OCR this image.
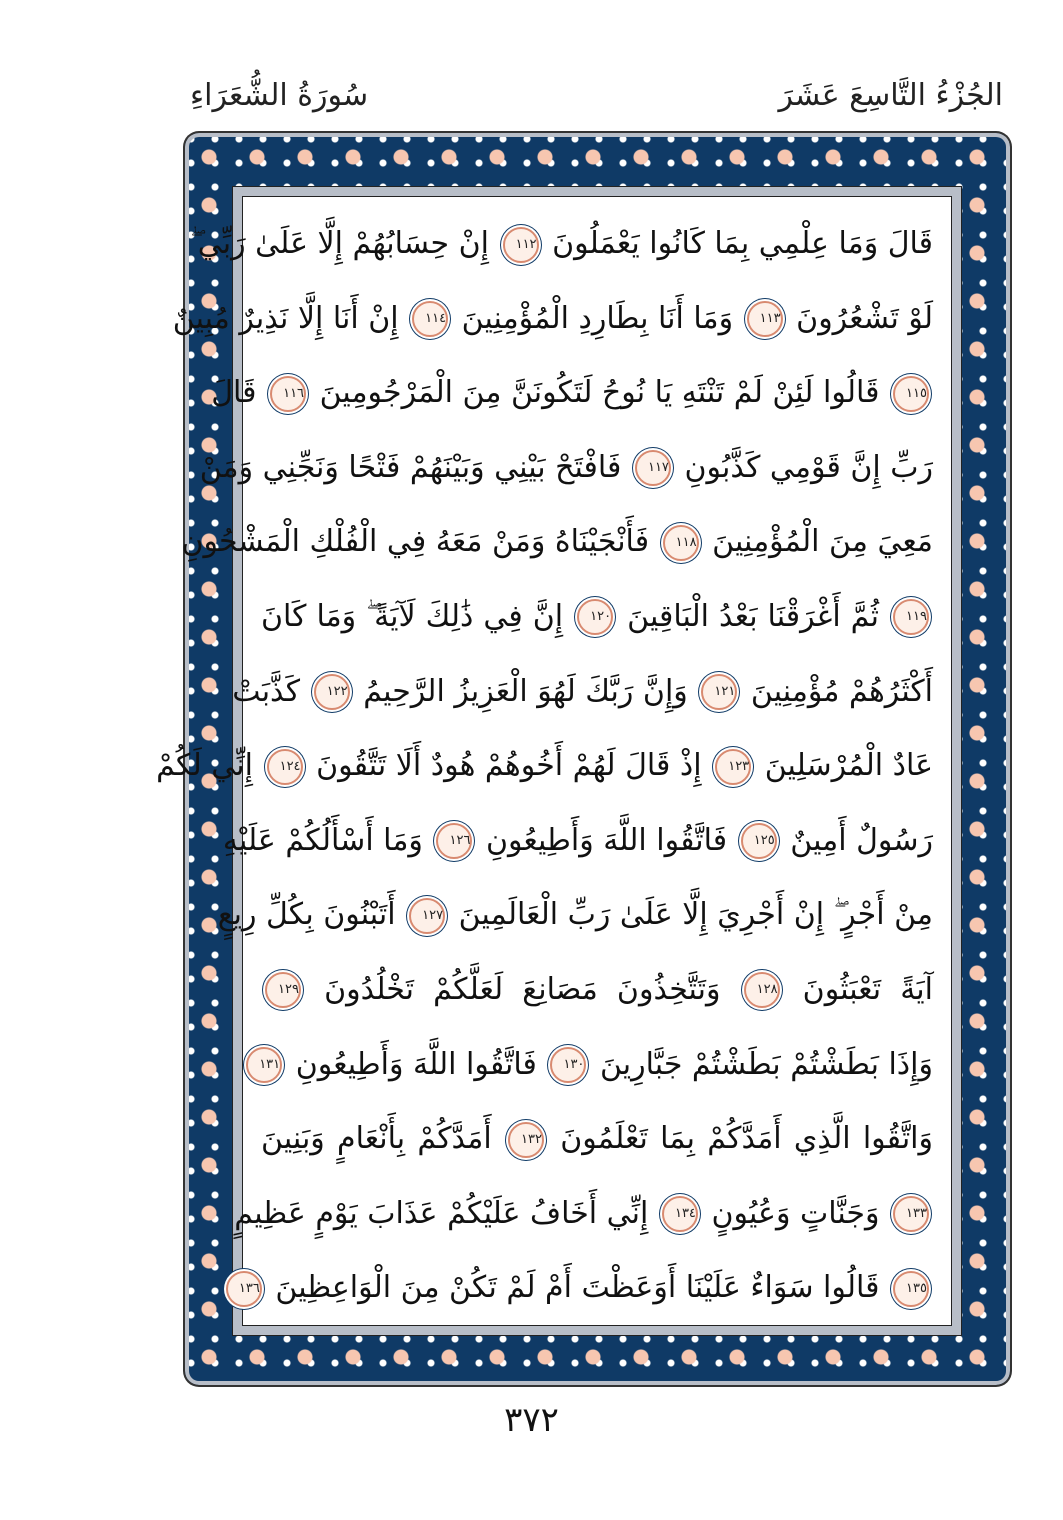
الجُزْءُ التَّاسِعَ عَشَرَ
سُورَةُ الشُّعَرَاءِ
قَالَ وَمَا عِلْمِي بِمَا كَانُوا يَعْمَلُونَ ١١٢ إِنْ حِسَابُهُمْ إِلَّا عَلَىٰ رَبِّي ۖ
لَوْ تَشْعُرُونَ ١١٣ وَمَا أَنَا بِطَارِدِ الْمُؤْمِنِينَ ١١٤ إِنْ أَنَا إِلَّا نَذِيرٌ مُبِينٌ
١١٥ قَالُوا لَئِنْ لَمْ تَنْتَهِ يَا نُوحُ لَتَكُونَنَّ مِنَ الْمَرْجُومِينَ ١١٦ قَالَ
رَبِّ إِنَّ قَوْمِي كَذَّبُونِ ١١٧ فَافْتَحْ بَيْنِي وَبَيْنَهُمْ فَتْحًا وَنَجِّنِي وَمَنْ
مَعِيَ مِنَ الْمُؤْمِنِينَ ١١٨ فَأَنْجَيْنَاهُ وَمَنْ مَعَهُ فِي الْفُلْكِ الْمَشْحُونِ
١١٩ ثُمَّ أَغْرَقْنَا بَعْدُ الْبَاقِينَ ١٢٠ إِنَّ فِي ذَٰلِكَ لَآيَةً ۖ وَمَا كَانَ
أَكْثَرُهُمْ مُؤْمِنِينَ ١٢١ وَإِنَّ رَبَّكَ لَهُوَ الْعَزِيزُ الرَّحِيمُ ١٢٢ كَذَّبَتْ
عَادٌ الْمُرْسَلِينَ ١٢٣ إِذْ قَالَ لَهُمْ أَخُوهُمْ هُودٌ أَلَا تَتَّقُونَ ١٢٤ إِنِّي لَكُمْ
رَسُولٌ أَمِينٌ ١٢٥ فَاتَّقُوا اللَّهَ وَأَطِيعُونِ ١٢٦ وَمَا أَسْأَلُكُمْ عَلَيْهِ
مِنْ أَجْرٍ ۖ إِنْ أَجْرِيَ إِلَّا عَلَىٰ رَبِّ الْعَالَمِينَ ١٢٧ أَتَبْنُونَ بِكُلِّ رِيعٍ
آيَةً تَعْبَثُونَ ١٢٨ وَتَتَّخِذُونَ مَصَانِعَ لَعَلَّكُمْ تَخْلُدُونَ ١٢٩
وَإِذَا بَطَشْتُمْ بَطَشْتُمْ جَبَّارِينَ ١٣٠ فَاتَّقُوا اللَّهَ وَأَطِيعُونِ ١٣١
وَاتَّقُوا الَّذِي أَمَدَّكُمْ بِمَا تَعْلَمُونَ ١٣٢ أَمَدَّكُمْ بِأَنْعَامٍ وَبَنِينَ
١٣٣ وَجَنَّاتٍ وَعُيُونٍ ١٣٤ إِنِّي أَخَافُ عَلَيْكُمْ عَذَابَ يَوْمٍ عَظِيمٍ
١٣٥ قَالُوا سَوَاءٌ عَلَيْنَا أَوَعَظْتَ أَمْ لَمْ تَكُنْ مِنَ الْوَاعِظِينَ ١٣٦
٣٧٢
